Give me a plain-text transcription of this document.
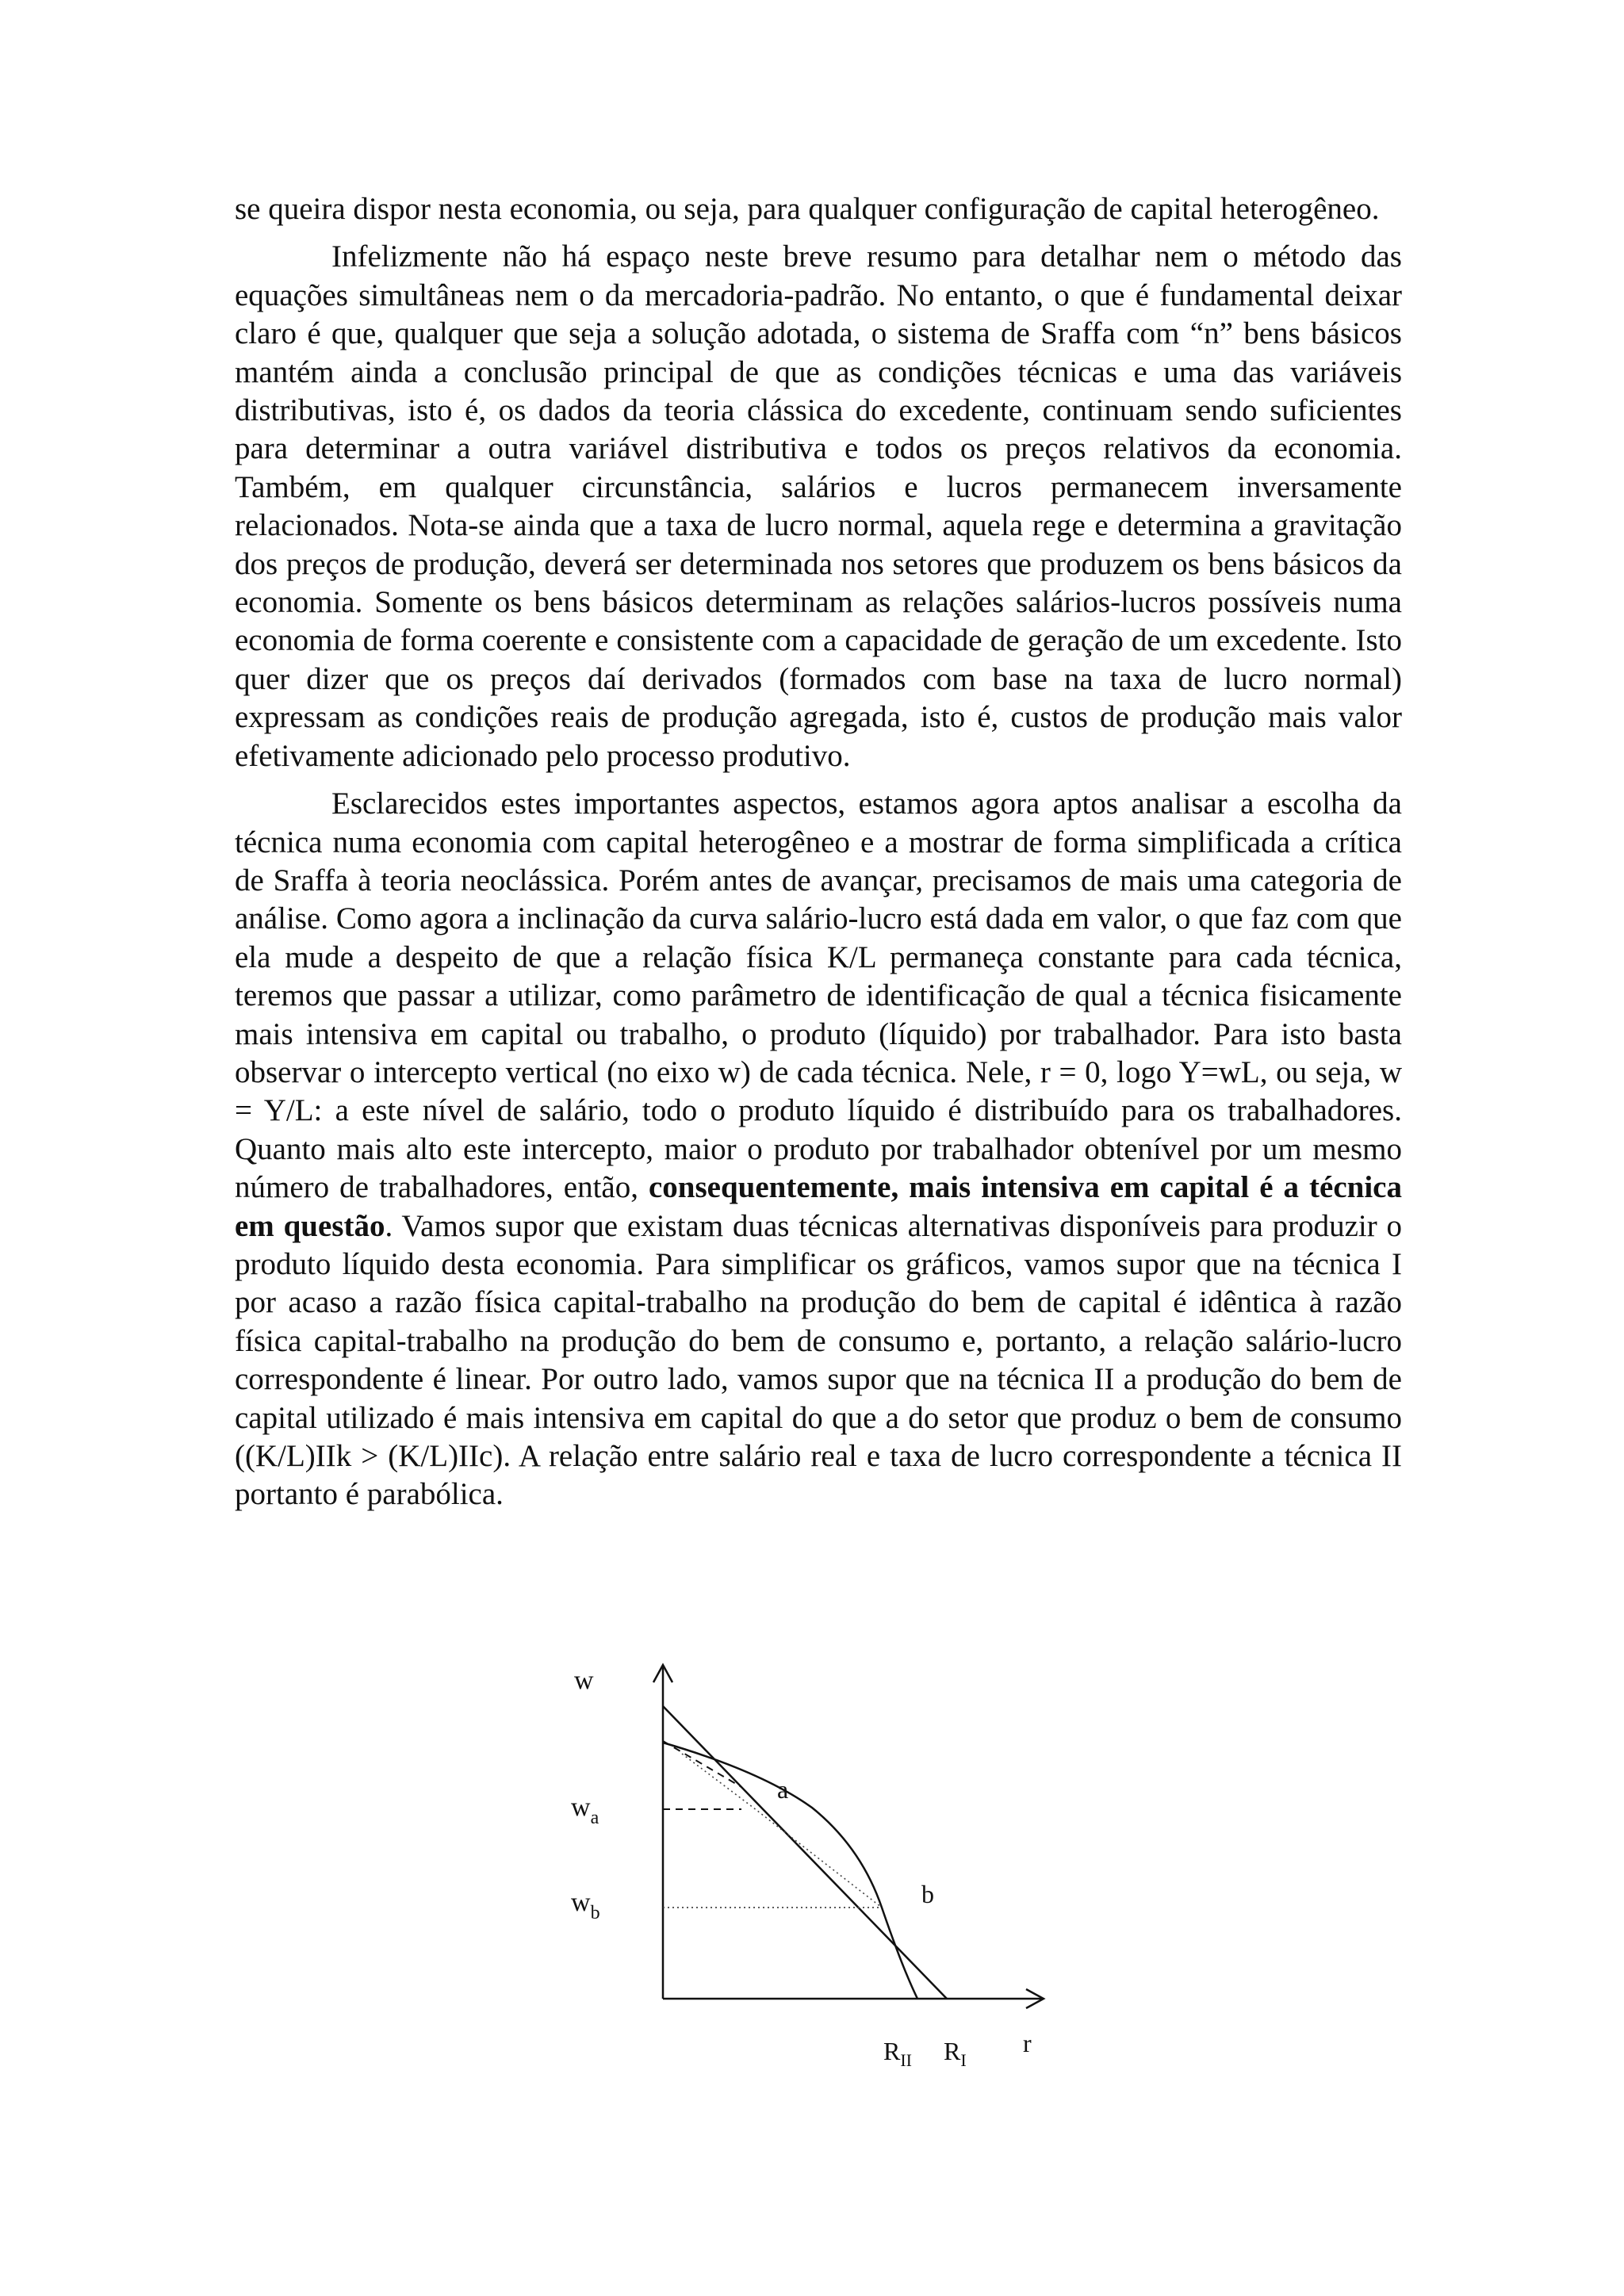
se queira dispor nesta economia, ou seja, para qualquer configuração de capital heterogêneo.

Infelizmente não há espaço neste breve resumo para detalhar nem o método das equações simultâneas nem o da mercadoria-padrão. No entanto, o que é fundamental deixar claro é que, qualquer que seja a solução adotada, o sistema de Sraffa com “n” bens básicos mantém ainda a conclusão principal de que as condições técnicas e uma das variáveis distributivas, isto é, os dados da teoria clássica do excedente, continuam sendo suficientes para determinar a outra variável distributiva e todos os preços relativos da economia. Também, em qualquer circunstância, salários e lucros permanecem inversamente relacionados. Nota-se ainda que a taxa de lucro normal, aquela rege e determina a gravitação dos preços de produção, deverá ser determinada nos setores que produzem os bens básicos da economia. Somente os bens básicos determinam as relações salários-lucros possíveis numa economia de forma coerente e consistente com a capacidade de geração de um excedente. Isto quer dizer que os preços daí derivados (formados com base na taxa de lucro normal) expressam as condições reais de produção agregada, isto é, custos de produção mais valor efetivamente adicionado pelo processo produtivo.

Esclarecidos estes importantes aspectos, estamos agora aptos analisar a escolha da técnica numa economia com capital heterogêneo e a mostrar de forma simplificada a crítica de Sraffa à teoria neoclássica. Porém antes de avançar, precisamos de mais uma categoria de análise. Como agora a inclinação da curva salário-lucro está dada em valor, o que faz com que ela mude a despeito de que a relação física K/L permaneça constante para cada técnica, teremos que passar a utilizar, como parâmetro de identificação de qual a técnica fisicamente mais intensiva em capital ou trabalho, o produto (líquido) por trabalhador. Para isto basta observar o intercepto vertical (no eixo w) de cada técnica. Nele, r = 0, logo Y=wL, ou seja, w = Y/L: a este nível de salário, todo o produto líquido é distribuído para os trabalhadores. Quanto mais alto este intercepto, maior o produto por trabalhador obtenível por um mesmo número de trabalhadores, então, consequentemente, mais intensiva em capital é a técnica em questão. Vamos supor que existam duas técnicas alternativas disponíveis para produzir o produto líquido desta economia. Para simplificar os gráficos, vamos supor que na técnica I por acaso a razão física capital-trabalho na produção do bem de capital é idêntica à razão física capital-trabalho na produção do bem de consumo e, portanto, a relação salário-lucro correspondente é linear. Por outro lado, vamos supor que na técnica II a produção do bem de capital utilizado é mais intensiva em capital do que a do setor que produz o bem de consumo ((K/L)IIk > (K/L)IIc). A relação entre salário real e taxa de lucro correspondente a técnica II portanto é parabólica.

w
$w_a$
$w_b$
a
b
$R_{II}$ $R_I$
r
